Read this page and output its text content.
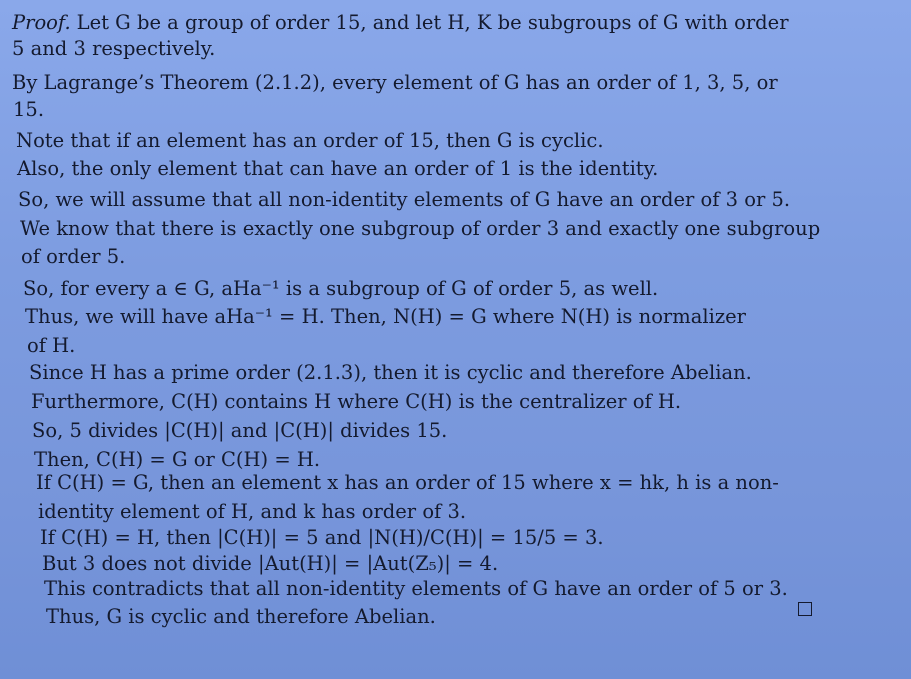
Proof. Let G be a group of order 15, and let H, K be subgroups of G with order
5 and 3 respectively.
By Lagrange’s Theorem (2.1.2), every element of G has an order of 1, 3, 5, or
15.
Note that if an element has an order of 15, then G is cyclic.
Also, the only element that can have an order of 1 is the identity.
So, we will assume that all non-identity elements of G have an order of 3 or 5.
We know that there is exactly one subgroup of order 3 and exactly one subgroup
of order 5.
So, for every a ∈ G, aHa⁻¹ is a subgroup of G of order 5, as well.
Thus, we will have aHa⁻¹ = H. Then, N(H) = G where N(H) is normalizer
of H.
Since H has a prime order (2.1.3), then it is cyclic and therefore Abelian.
Furthermore, C(H) contains H where C(H) is the centralizer of H.
So, 5 divides |C(H)| and |C(H)| divides 15.
Then, C(H) = G or C(H) = H.
If C(H) = G, then an element x has an order of 15 where x = hk, h is a non-
identity element of H, and k has order of 3.
If C(H) = H, then |C(H)| = 5 and |N(H)/C(H)| = 15/5 = 3.
But 3 does not divide |Aut(H)| = |Aut(Z₅)| = 4.
This contradicts that all non-identity elements of G have an order of 5 or 3.
Thus, G is cyclic and therefore Abelian.
